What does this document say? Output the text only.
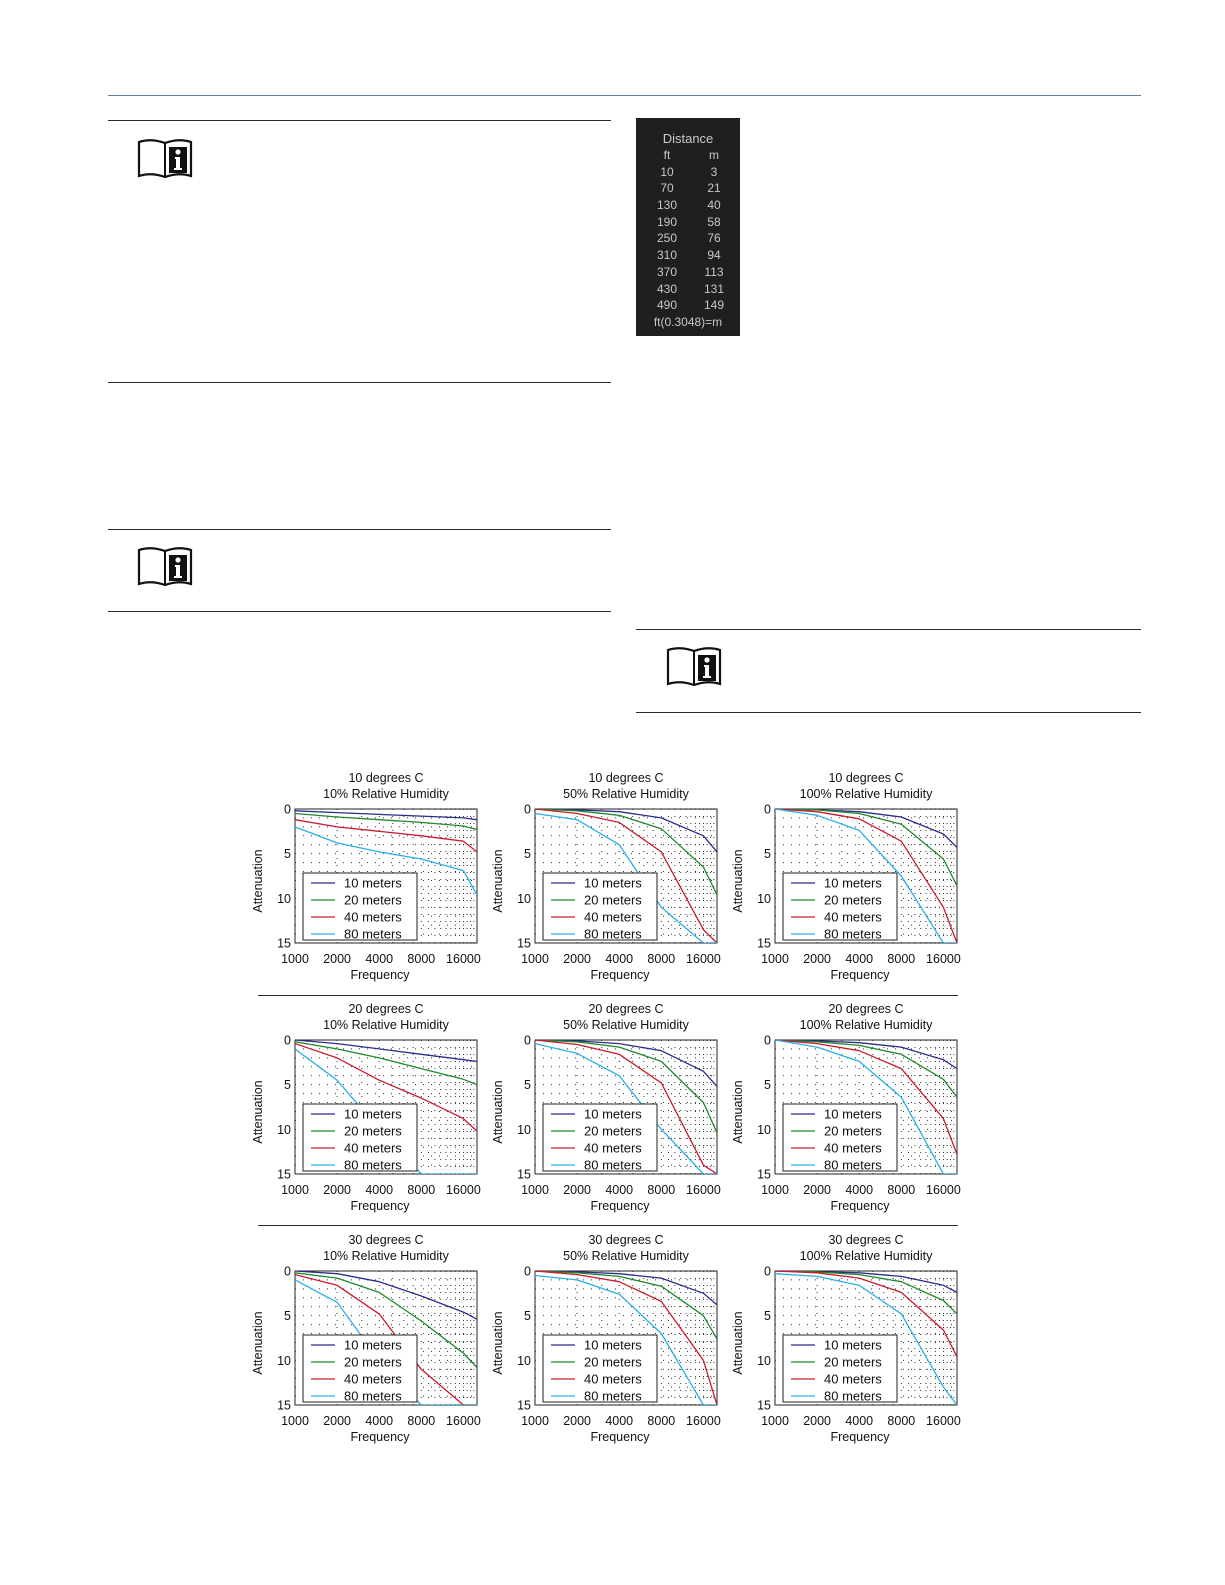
Distance
ft	m
10	3
70	21
130	40
190	58
250	76
310	94
370	113
430	131
490	149
ft(0.3048)=m
10 degrees C
10% Relative Humidity
0
5
10
15
1000 2000 4000 8000 16000
Frequency
Attenuation	10 meters
20 meters
40 meters
80 meters
10 degrees C
50% Relative Humidity
0
5
10
15
1000 2000 4000 8000 16000
Frequency
Attenuation	10 meters
20 meters
40 meters
80 meters
10 degrees C
100% Relative Humidity
0
5
10
15
1000 2000 4000 8000 16000
Frequency
Attenuation	10 meters
20 meters
40 meters
80 meters
20 degrees C
10% Relative Humidity
0
5
10
15
1000 2000 4000 8000 16000
Frequency
Attenuation	10 meters
20 meters
40 meters
80 meters
20 degrees C
50% Relative Humidity
0
5
10
15
1000 2000 4000 8000 16000
Frequency
Attenuation	10 meters
20 meters
40 meters
80 meters
20 degrees C
100% Relative Humidity
0
5
10
15
1000 2000 4000 8000 16000
Frequency
Attenuation	10 meters
20 meters
40 meters
80 meters
30 degrees C
10% Relative Humidity
0
5
10
15
1000 2000 4000 8000 16000
Frequency
Attenuation	10 meters
20 meters
40 meters
80 meters
30 degrees C
50% Relative Humidity
0
5
10
15
1000 2000 4000 8000 16000
Frequency
Attenuation	10 meters
20 meters
40 meters
80 meters
30 degrees C
100% Relative Humidity
0
5
10
15
1000 2000 4000 8000 16000
Frequency
Attenuation	10 meters
20 meters
40 meters
80 meters
